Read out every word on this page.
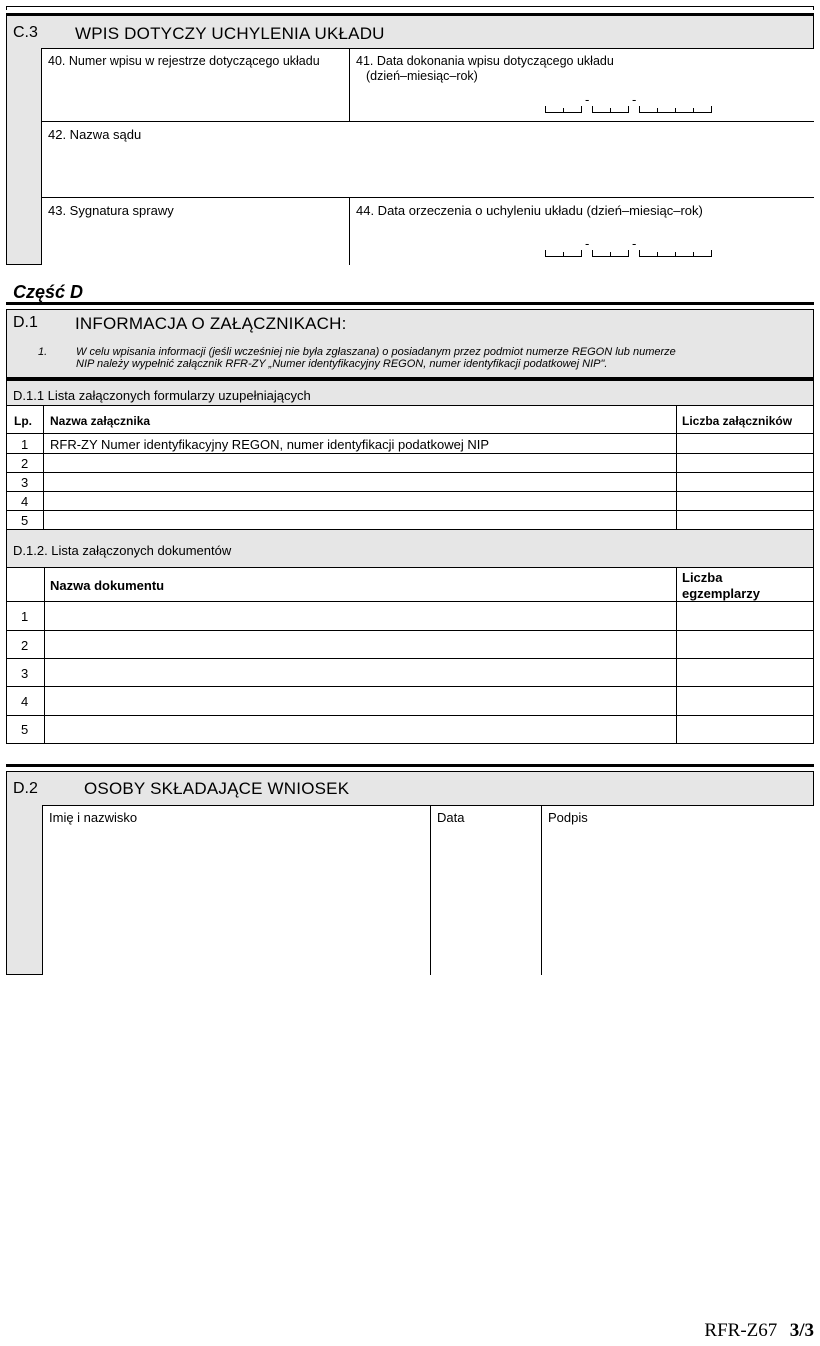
C.3 WPIS DOTYCZY UCHYLENIA UKŁADU
40. Numer wpisu w rejestrze dotyczącego układu	41. Data dokonania wpisu dotyczącego układu
(dzień–miesiąc–rok)
-	-
42. Nazwa sądu
43. Sygnatura sprawy	44. Data orzeczenia o uchyleniu układu (dzień–miesiąc–rok)
-	-
Część D
D.1 INFORMACJA O ZAŁĄCZNIKACH:
1.	W celu wpisania informacji (jeśli wcześniej nie była zgłaszana) o posiadanym przez podmiot numerze REGON lub numerze
NIP należy wypełnić załącznik RFR-ZY „Numer identyfikacyjny REGON, numer identyfikacji podatkowej NIP".
D.1.1 Lista załączonych formularzy uzupełniających
Lp. Nazwa załącznika	Liczba załączników
1 RFR-ZY Numer identyfikacyjny REGON, numer identyfikacji podatkowej NIP
2
3
4
5
D.1.2. Lista załączonych dokumentów
Nazwa dokumentu
Liczba
egzemplarzy
1
2
3
4
5
D.2	OSOBY SKŁADAJĄCE WNIOSEK
Imię i nazwisko	Data	Podpis
RFR-Z67 3/3
